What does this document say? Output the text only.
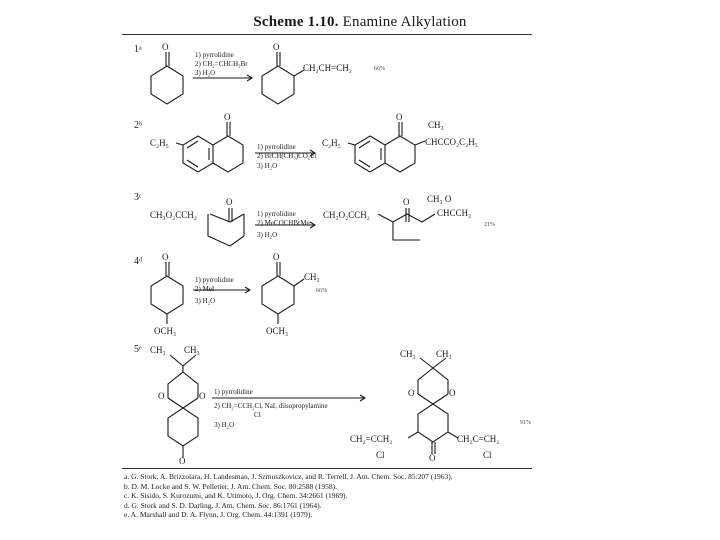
Scheme 1.10. Enamine Alkylation
1ᵃ O
1) pyrrolidine
2) CH₂=CHCH₂Br
3) H₂O
O
CH₂CH=CH₂	66%
2ᵇ
C₂H₅
O
1) pyrrolidine
2) BrCH(CH₃)CO₂Et
3) H₂O
C₂H₅
O
CH₃
CHCCO₂C₂H₅
3ᶜ
CH₃O₂CCH₂
O
1) pyrrolidine
2) MeCOCHBrMe
3) H₂O
CH₃O₂CCH₂
O CH₃ O
CHCCH₃
21%
4ᵈ O
1) pyrrolidine
2) MeI
3) H₂O
O
CH₃
66%
OCH₃	OCH₃
5ᵉ CH₃ CH₃
O	O
O
1) pyrrolidine
2) CH₂=CCH₂Cl, NaI, diisopropylamine
Cl
3) H₂O
CH₃ CH₃
O	O
O
CH₂=CCH₂	CH₂C=CH₂
Cl	Cl
91%
a. G. Stork, A. Brizzolara, H. Landesman, J. Szmuszkovicz, and R. Terrell, J. Am. Chem. Soc. 85:207 (1963).
b. D. M. Locke and S. W. Pelletier, J. Am. Chem. Soc. 80:2588 (1958).
c. K. Sisido, S. Kurozumi, and K. Utimoto, J. Org. Chem. 34:2661 (1969).
d. G. Stork and S. D. Darling, J. Am. Chem. Soc. 86:1761 (1964).
e. A. Marshall and D. A. Flynn, J. Org. Chem. 44:1391 (1979).
